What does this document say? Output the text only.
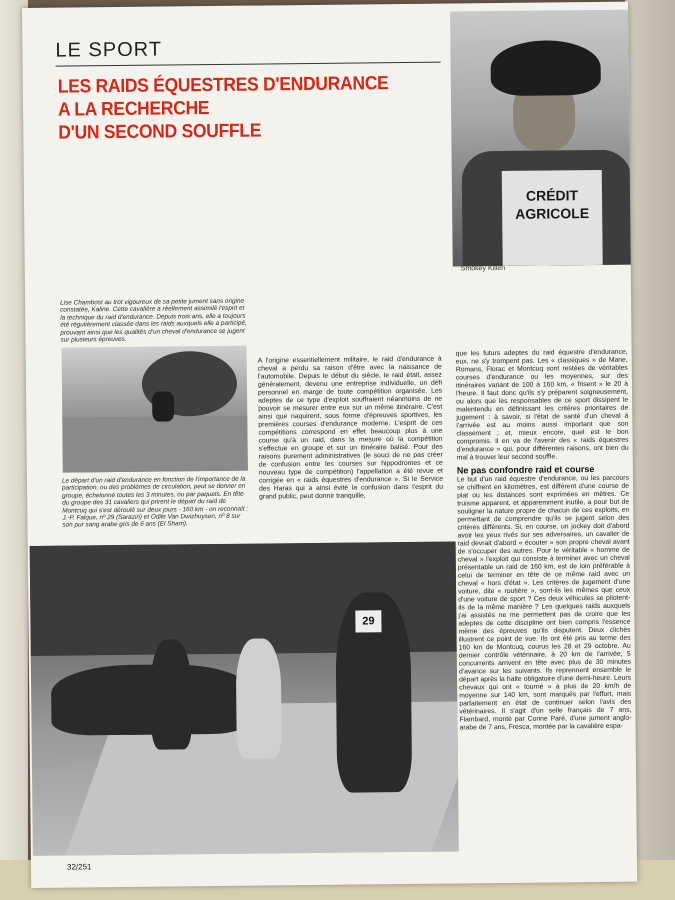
LE SPORT
LES RAIDS ÉQUESTRES D'ENDURANCE
A LA RECHERCHE
D'UN SECOND SOUFFLE
CRÉDIT
AGRICOLE
Smokey Killen
Lise Chambost au trot vigoureux de sa petite jument sans origine constatée, Kaline. Cette cavalière a réellement assimilé l'esprit et la technique du raid d'endurance. Depuis trois ans, elle a toujours été régulièrement classée dans les raids auxquels elle a participé, prouvant ainsi que les qualités d'un cheval d'endurance se jugent sur plusieurs épreuves.
Le départ d'un raid d'endurance en fonction de l'importance de la participation, ou des problèmes de circulation, peut se donner en groupe, échelonné toutes les 3 minutes, ou par paquets. En tête du groupe des 31 cavaliers qui prirent le départ du raid de Montcuq qui s'est déroulé sur deux jours - 160 km - on reconnaît : J.-P. Falque, nº 29 (Sarazin) et Odile Van Dwizhuysen, nº 8 sur son pur sang arabe gris de 6 ans (El Sham).
A l'origine essentiellement militaire, le raid d'endurance à cheval a perdu sa raison d'être avec la naissance de l'automobile. Depuis le début du siècle, le raid était, assez généralement, devenu une entreprise individuelle, un défi personnel en marge de toute compétition organisée. Les adeptes de ce type d'exploit souffraient néanmoins de ne pouvoir se mesurer entre eux sur un même itinéraire. C'est ainsi que naquirent, sous forme d'épreuves sportives, les premières courses d'endurance moderne. L'esprit de ces compétitions correspond en effet beaucoup plus à une course qu'à un raid, dans la mesure où la compétition s'effectue en groupe et sur un itinéraire balisé. Pour des raisons purement administratives (le souci de ne pas créer de confusion entre les courses sur hippodromes et ce nouveau type de compétition) l'appellation a été revue et corrigée en « raids équestres d'endurance ». Si le Service des Haras qui a ainsi évité la confusion dans l'esprit du grand public, peut dormir tranquille,
que les futurs adeptes du raid équestre d'endurance, eux, ne s'y trompent pas. Les « classiques » de Mane, Romans, Florac et Montcuq sont restées de véritables courses d'endurance ou les moyennes, sur des itinéraires variant de 100 à 160 km, « frisent » le 20 à l'heure. Il faut donc qu'ils s'y préparent soigneusement, ou alors que les responsables de ce sport dissipent le malentendu en définissant les critères prioritaires de jugement : à savoir, si l'état de santé d'un cheval à l'arrivée est au moins aussi important que son classement ; et, mieux encore, quel est le bon compromis. Il en va de l'avenir des « raids équestres d'endurance » qui, pour différentes raisons, ont bien du mal à trouver leur second souffle.
Ne pas confondre raid et course
Le but d'un raid équestre d'endurance, ou les parcours se chiffrent en kilomètres, est différent d'une course de plat ou les distances sont exprimées en mètres. Ce truisme apparent, et apparemment inutile, a pour but de souligner la nature propre de chacun de ces exploits, en permettant de comprendre qu'ils se jugent selon des critères différents. Si, en course, un jockey doit d'abord avoir les yeux rivés sur ses adversaires, un cavalier de raid devrait d'abord « écouter » son propre cheval avant de s'occuper des autres. Pour le véritable « homme de cheval » l'exploit qui consiste à terminer avec un cheval présentable un raid de 160 km, est de loin préférable à celui de terminer en tête de ce même raid avec un cheval « hors d'état ». Les critères de jugement d'une voiture, dite « routière », sont-ils les mêmes que ceux d'une voiture de sport ? Ces deux véhicules se pilotent-ils de la même manière ? Les quelques raids auxquels j'ai assistés ne me permettent pas de croire que les adeptes de cette discipline ont bien compris l'essence même des épreuves qu'ils disputent. Deux clichés illustrent ce point de vue. Ils ont été pris au terme des 160 km de Montcuq, courus les 28 et 29 octobre. Au dernier contrôle vétérinaire, à 20 km de l'arrivée, 5 concurrents arrivent en tête avec plus de 30 minutes d'avance sur les suivants. Ils reprennent ensemble le départ après la halte obligatoire d'une demi-heure. Leurs chevaux qui ont « tourné » à plus de 20 km/h de moyenne sur 140 km, sont marqués par l'effort, mais parfaitement en état de continuer selon l'avis des vétérinaires. Il s'agit d'un selle français de 7 ans, Flambard, monté par Corine Paré, d'une jument anglo-arabe de 7 ans, Fresca, montée par la cavalière espa-
29
32/251
